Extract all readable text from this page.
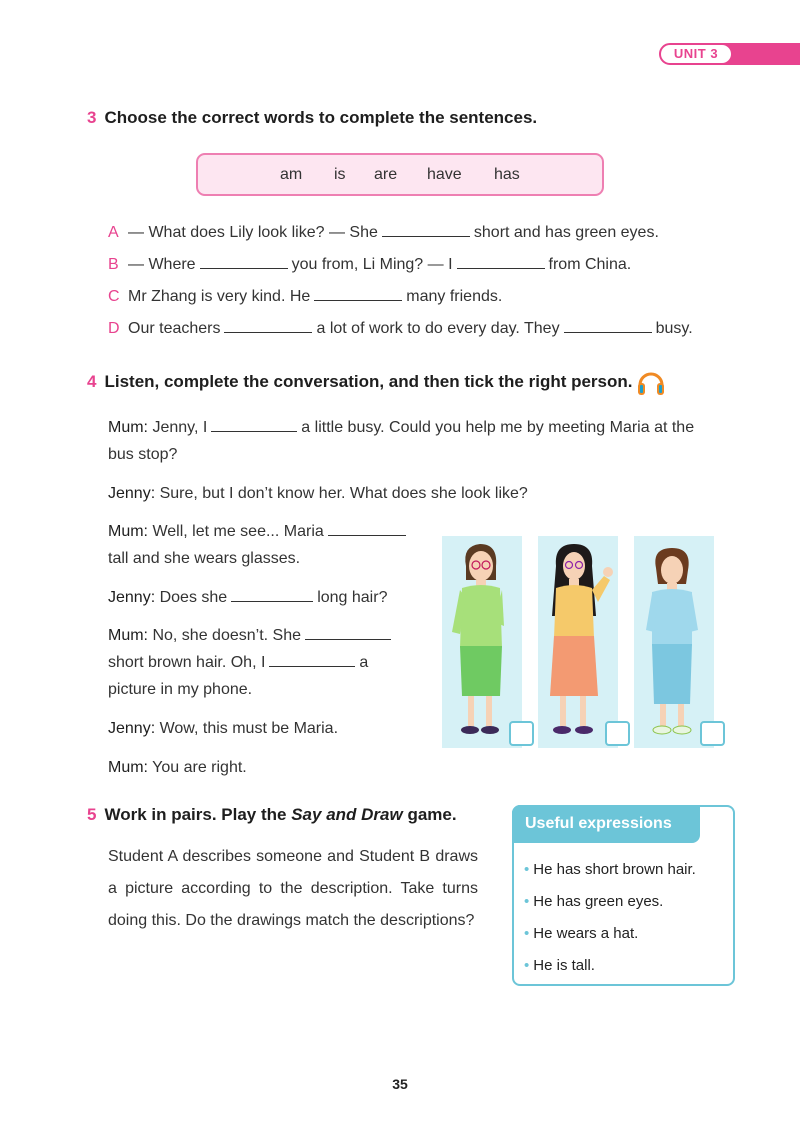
UNIT 3
3 Choose the correct words to complete the sentences.
am is are have has
A — What does Lily look like? — She	short and has green eyes.
B — Where	you from, Li Ming? — I	from China.
C Mr Zhang is very kind. He	many friends.
D Our teachers	a lot of work to do every day. They	busy.
4 Listen, complete the conversation, and then tick the right person.
Mum: Jenny, I	a little busy. Could you help me by meeting Maria at the
bus stop?
Jenny: Sure, but I don’t know her. What does she look like?
Mum: Well, let me see... Maria
tall and she wears glasses.
Jenny: Does she	long hair?
Mum: No, she doesn’t. She
short brown hair. Oh, I	a
picture in my phone.
Jenny: Wow, this must be Maria.
Mum: You are right.
5 Work in pairs. Play the Say and Draw game.
Student A describes someone and Student B draws a picture according to the description. Take turns doing this. Do the drawings match the descriptions?
Useful expressions
• He has short brown hair.
• He has green eyes.
• He wears a hat.
• He is tall.
35
